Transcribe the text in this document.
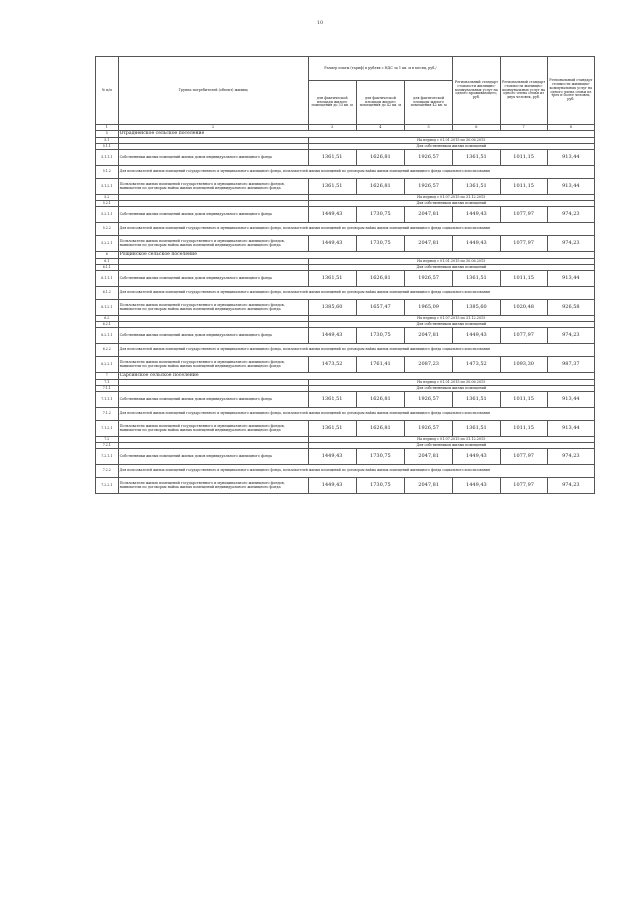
10
№ п/п	Группа потребителей (объект) жилищ	Размер платы (тариф) в рублях с НДС за 1 кв. м в месяц, руб./			Региональный стандарт стоимости жилищно-коммунальных услуг на одного проживающего, руб.	Региональный стандарт стоимости жилищно-коммунальных услуг на одного члена семьи из двух человек, руб.	Региональный стандарт стоимости жилищно-коммунальных услуг на одного члена семьи из трех и более человек, руб.
		для фактической площади жилого помещения до 33 кв. м	для фактической площади жилого помещения до 42 кв. м	для фактической площади жилого помещения 42 кв. м			
1	2	3	4	5	6	7	8
5	Отрадненское сельское поселение						
5.1		На период с 01.01.2015 по 30.06.2015					
5.1.1		Для собственников жилых помещений					
5.1.1.1	Собственники жилых помещений жилых домов индивидуального жилищного фонда	1361,51	1626,81	1926,57	1361,51	1011,15	913,44
5.1.2	Для пользователей жилых помещений государственного и муниципального жилищного фонда, пользователей жилых помещений по договорам найма жилых помещений жилищного фонда социального использования						
5.1.2.1	Пользователи жилых помещений государственного и муниципального жилищного фондов, наниматели по договорам найма жилых помещений индивидуального жилищного фонда	1361,51	1626,81	1926,57	1361,51	1011,15	913,44
5.2		На период с 01.07.2015 по 31.12.2015					
5.2.1		Для собственников жилых помещений					
5.2.1.1	Собственники жилых помещений жилых домов индивидуального жилищного фонда	1449,43	1730,75	2047,81	1449,43	1077,97	974,23
5.2.2	Для пользователей жилых помещений государственного и муниципального жилищного фонда, пользователей жилых помещений по договорам найма жилых помещений жилищного фонда социального использования						
5.2.2.1	Пользователи жилых помещений государственного и муниципального жилищного фондов, наниматели по договорам найма жилых помещений индивидуального жилищного фонда	1449,43	1730,75	2047,81	1449,43	1077,97	974,23
6	Рощинское сельское поселение						
6.1		На период с 01.01.2015 по 30.06.2015					
6.1.1		Для собственников жилых помещений					
6.1.1.1	Собственники жилых помещений жилых домов индивидуального жилищного фонда	1361,51	1626,81	1926,57	1361,51	1011,15	913,44
6.1.2	Для пользователей жилых помещений государственного и муниципального жилищного фонда, пользователей жилых помещений по договорам найма жилых помещений жилищного фонда социального использования						
6.1.2.1	Пользователи жилых помещений государственного и муниципального жилищного фондов, наниматели по договорам найма жилых помещений индивидуального жилищного фонда	1385,60	1657,47	1965,09	1385,60	1020,48	926,58
6.2		На период с 01.07.2015 по 31.12.2015					
6.2.1		Для собственников жилых помещений					
6.2.1.1	Собственники жилых помещений жилых домов индивидуального жилищного фонда	1449,43	1730,75	2047,81	1449,43	1077,97	974,23
6.2.2	Для пользователей жилых помещений государственного и муниципального жилищного фонда, пользователей жилых помещений по договорам найма жилых помещений жилищного фонда социального использования						
6.2.2.1	Пользователи жилых помещений государственного и муниципального жилищного фондов, наниматели по договорам найма жилых помещений индивидуального жилищного фонда	1473,52	1761,41	2087,23	1473,52	1093,30	987,37
7	Сарсинское сельское поселение						
7.1		На период с 01.01.2015 по 30.06.2015					
7.1.1		Для собственников жилых помещений					
7.1.1.1	Собственники жилых помещений жилых домов индивидуального жилищного фонда	1361,51	1626,81	1926,57	1361,51	1011,15	913,44
7.1.2	Для пользователей жилых помещений государственного и муниципального жилищного фонда, пользователей жилых помещений по договорам найма жилых помещений жилищного фонда социального использования						
7.1.2.1	Пользователи жилых помещений государственного и муниципального жилищного фондов, наниматели по договорам найма жилых помещений индивидуального жилищного фонда	1361,51	1626,81	1926,57	1361,51	1011,15	913,44
7.2		На период с 01.07.2015 по 31.12.2015					
7.2.1		Для собственников жилых помещений					
7.2.1.1	Собственники жилых помещений жилых домов индивидуального жилищного фонда	1449,43	1730,75	2047,81	1449,43	1077,97	974,23
7.2.2	Для пользователей жилых помещений государственного и муниципального жилищного фонда, пользователей жилых помещений по договорам найма жилых помещений жилищного фонда социального использования						
7.2.2.1	Пользователи жилых помещений государственного и муниципального жилищного фондов, наниматели по договорам найма жилых помещений индивидуального жилищного фонда	1449,43	1730,75	2047,81	1449,43	1077,97	974,23
